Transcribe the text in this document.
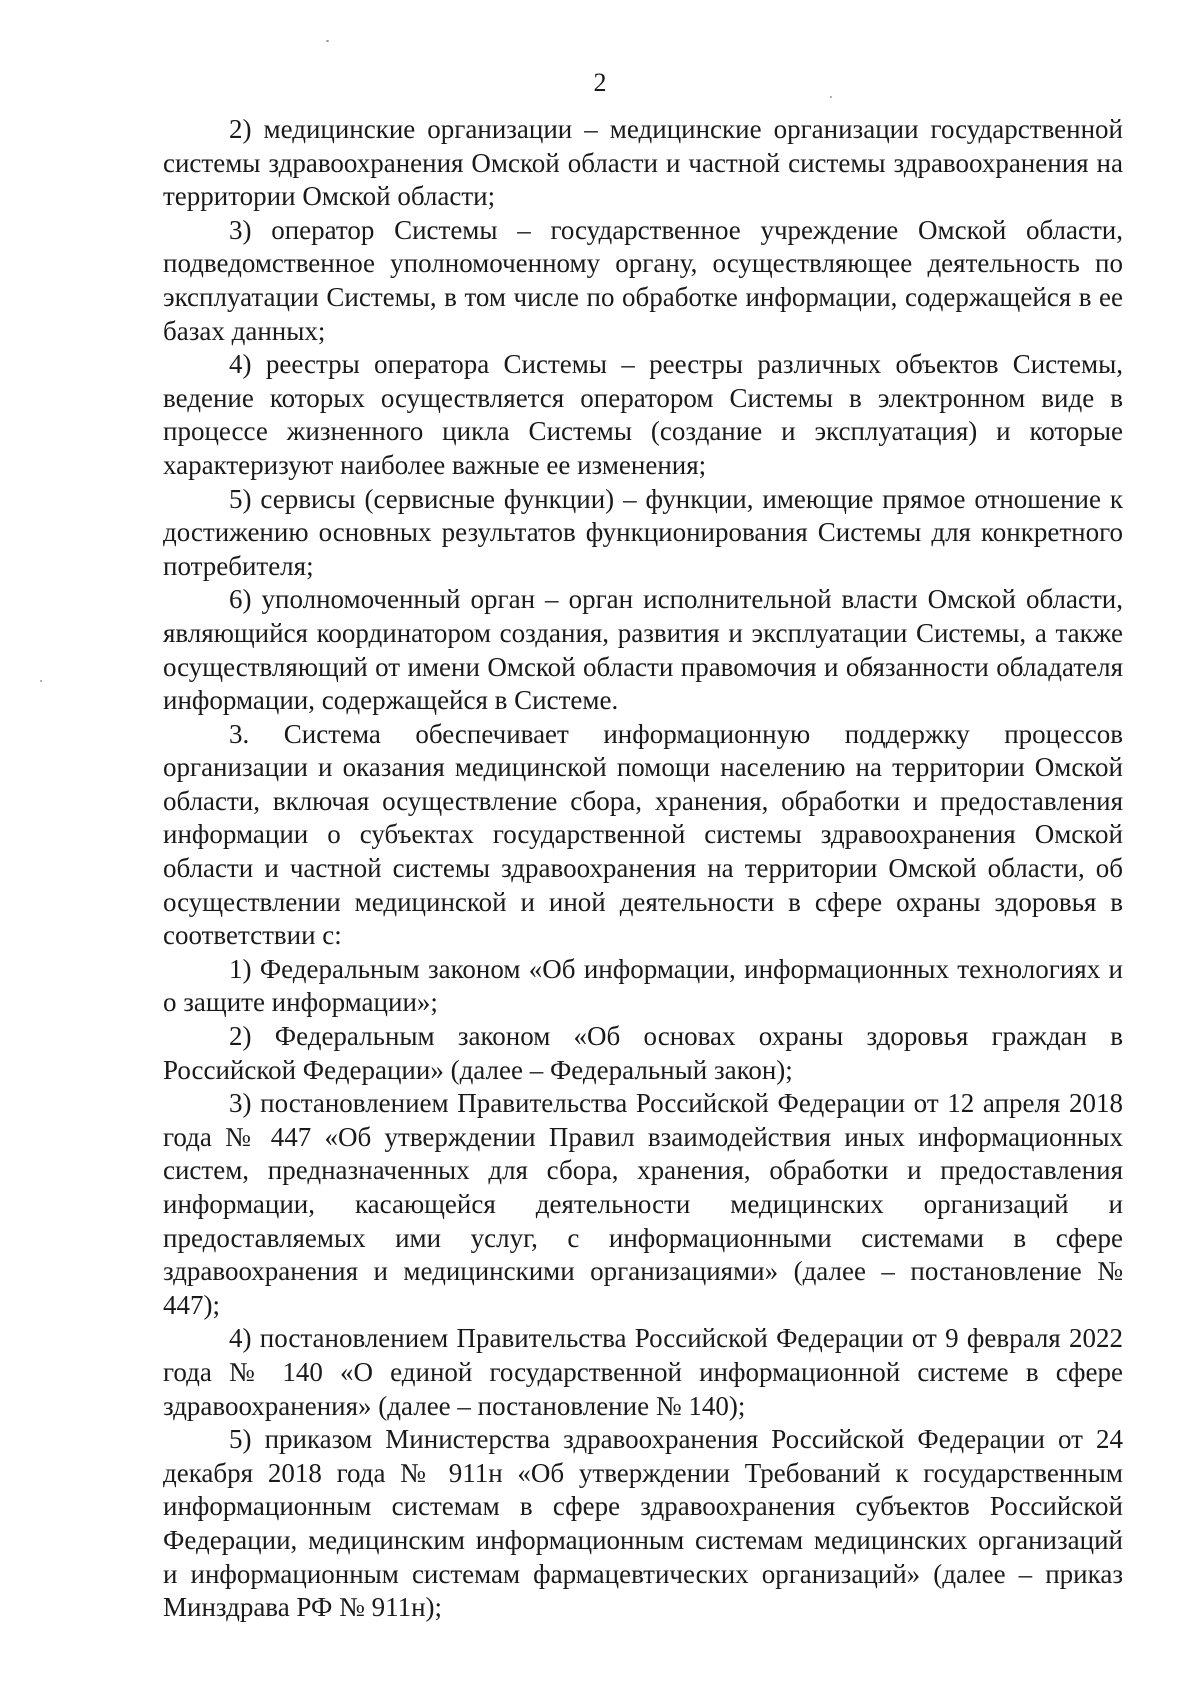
2

2) медицинские организации – медицинские организации государственной системы здравоохранения Омской области и частной системы здравоохранения на территории Омской области;

3) оператор Системы – государственное учреждение Омской области, подведомственное уполномоченному органу, осуществляющее деятельность по эксплуатации Системы, в том числе по обработке информации, содержащейся в ее базах данных;

4) реестры оператора Системы – реестры различных объектов Системы, ведение которых осуществляется оператором Системы в электронном виде в процессе жизненного цикла Системы (создание и эксплуатация) и которые характеризуют наиболее важные ее изменения;

5) сервисы (сервисные функции) – функции, имеющие прямое отношение к достижению основных результатов функционирования Системы для конкретного потребителя;

6) уполномоченный орган – орган исполнительной власти Омской области, являющийся координатором создания, развития и эксплуатации Системы, а также осуществляющий от имени Омской области правомочия и обязанности обладателя информации, содержащейся в Системе.

3. Система обеспечивает информационную поддержку процессов организации и оказания медицинской помощи населению на территории Омской области, включая осуществление сбора, хранения, обработки и предоставления информации о субъектах государственной системы здравоохранения Омской области и частной системы здравоохранения на территории Омской области, об осуществлении медицинской и иной деятельности в сфере охраны здоровья в соответствии с:

1) Федеральным законом «Об информации, информационных технологиях и о защите информации»;

2) Федеральным законом «Об основах охраны здоровья граждан в Российской Федерации» (далее – Федеральный закон);

3) постановлением Правительства Российской Федерации от 12 апреля 2018 года № 447 «Об утверждении Правил взаимодействия иных информационных систем, предназначенных для сбора, хранения, обработки и предоставления информации, касающейся деятельности медицинских организаций и предоставляемых ими услуг, с информационными системами в сфере здравоохранения и медицинскими организациями» (далее – постановление № 447);

4) постановлением Правительства Российской Федерации от 9 февраля 2022 года № 140 «О единой государственной информационной системе в сфере здравоохранения» (далее – постановление № 140);

5) приказом Министерства здравоохранения Российской Федерации от 24 декабря 2018 года № 911н «Об утверждении Требований к государственным информационным системам в сфере здравоохранения субъектов Российской Федерации, медицинским информационным системам медицинских организаций и информационным системам фармацевтических организаций» (далее – приказ Минздрава РФ № 911н);
